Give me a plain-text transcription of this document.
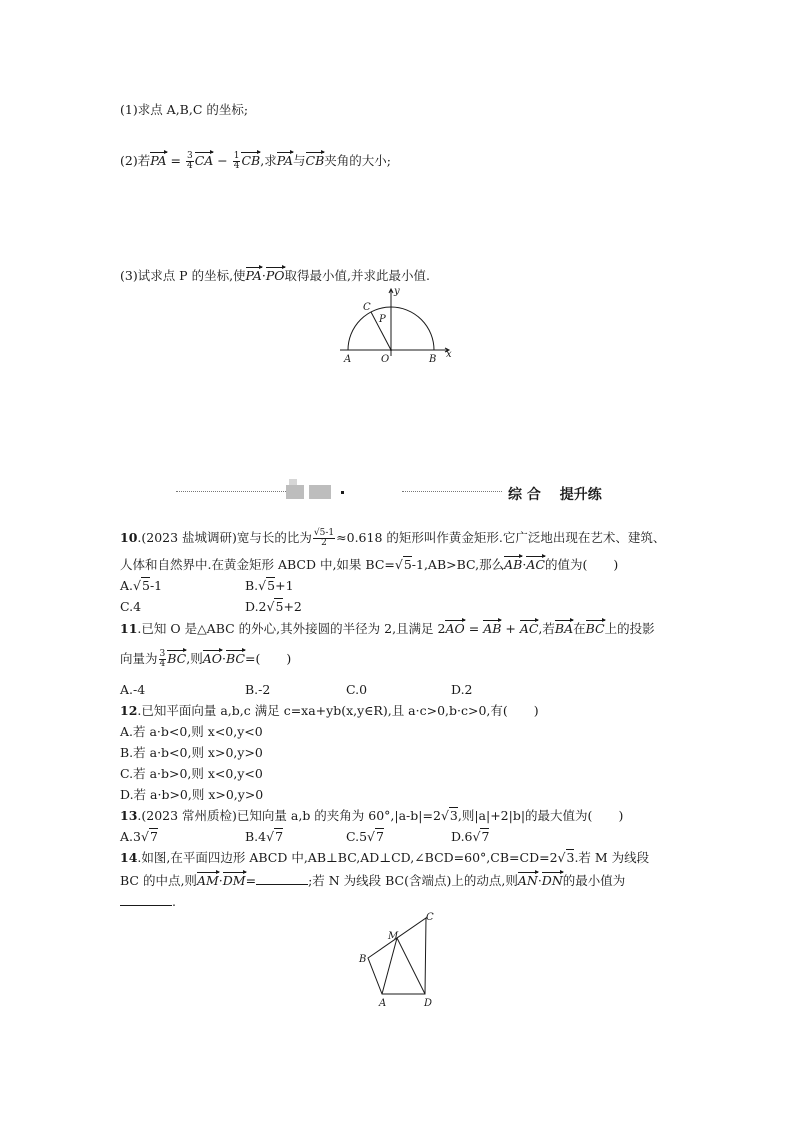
(1)求点 A,B,C 的坐标;
(2)若PA = $\frac{3}{4}$ CA − $\frac{1}{4}$ CB,求PA与CB夹角的大小;
(3)试求点 P 的坐标,使PA·PO取得最小值,并求此最小值.
C
P
A	O	B x
y
综 合　 提升练
10.(2023 盐城调研)宽与长的比为 $\frac{√5-1}{2} \approx 0.618$ 的矩形叫作黄金矩形.它广泛地出现在艺术、建筑、
人体和自然界中.在黄金矩形 ABCD 中,如果 BC=√5-1,AB>BC,那么AB·AC的值为( )
A.√5-1	B.√5+1
C.4	D.2√5+2
11.已知 O 是△ABC 的外心,其外接圆的半径为 2,且满足 2AO = AB + AC,若BA在BC上的投影
向量为 $\frac{3}{4}$ BC,则AO·BC=( )
A.-4	B.-2	C.0	D.2
12.已知平面向量 a,b,c 满足 c=xa+yb(x,y∈R),且 a·c>0,b·c>0,有( )
A.若 a·b<0,则 x<0,y<0
B.若 a·b<0,则 x>0,y>0
C.若 a·b>0,则 x<0,y<0
D.若 a·b>0,则 x>0,y>0
13.(2023 常州质检)已知向量 a,b 的夹角为 60°,|a-b|=2√3,则|a|+2|b|的最大值为( )
A.3√7	B.4√7	C.5√7	D.6√7
14.如图,在平面四边形 ABCD 中,AB⊥BC,AD⊥CD,∠BCD=60°,CB=CD=2√3.若 M 为线段
BC 的中点,则AM·DM=	;若 N 为线段 BC(含端点)上的动点,则AN·DN的最小值为
.
C
M
B
A	D
